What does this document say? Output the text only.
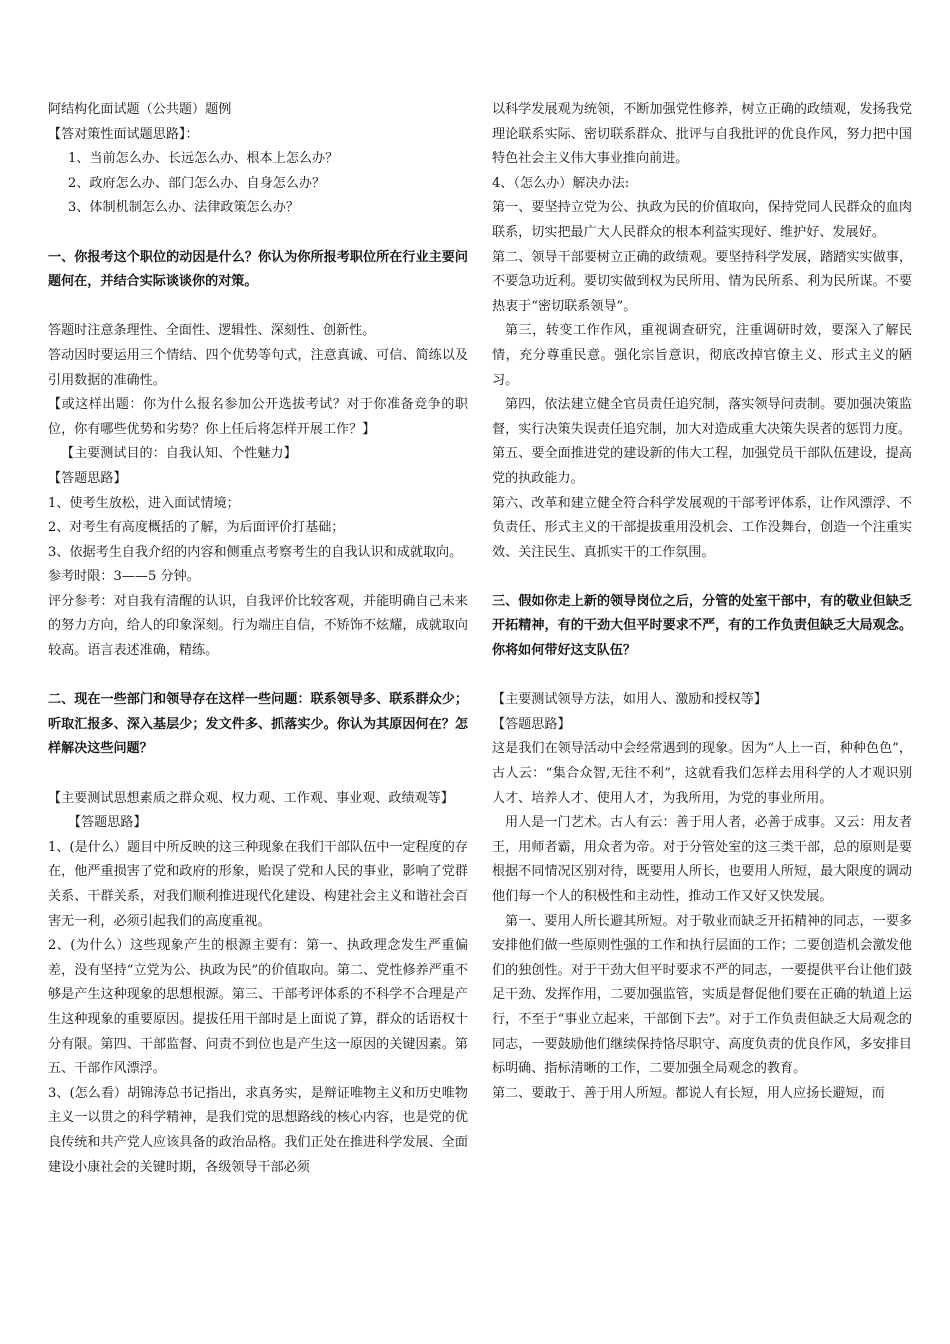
阿结构化面试题（公共题）题例

【答对策性面试题思路】：

1、当前怎么办、长远怎么办、根本上怎么办？

2、政府怎么办、部门怎么办、自身怎么办？

3、体制机制怎么办、法律政策怎么办？

一、你报考这个职位的动因是什么？你认为你所报考职位所在行业主要问题何在，并结合实际谈谈你的对策。

答题时注意条理性、全面性、逻辑性、深刻性、创新性。

答动因时要运用三个情结、四个优势等句式，注意真诚、可信、简练以及引用数据的准确性。

【或这样出题：你为什么报名参加公开选拔考试？对于你准备竞争的职位，你有哪些优势和劣势？你上任后将怎样开展工作？】

【主要测试目的：自我认知、个性魅力】

【答题思路】

1、使考生放松，进入面试情境；

2、对考生有高度概括的了解，为后面评价打基础；

3、依据考生自我介绍的内容和侧重点考察考生的自我认识和成就取向。

参考时限：3——5 分钟。

评分参考：对自我有清醒的认识，自我评价比较客观，并能明确自己未来的努力方向，给人的印象深刻。行为端庄自信，不矫饰不炫耀，成就取向较高。语言表述准确，精练。

二、现在一些部门和领导存在这样一些问题：联系领导多、联系群众少；听取汇报多、深入基层少；发文件多、抓落实少。你认为其原因何在？怎样解决这些问题？

【主要测试思想素质之群众观、权力观、工作观、事业观、政绩观等】

【答题思路】

1、(是什么）题目中所反映的这三种现象在我们干部队伍中一定程度的存在，他严重损害了党和政府的形象，贻误了党和人民的事业，影响了党群关系、干群关系，对我们顺利推进现代化建设、构建社会主义和谐社会百害无一利，必须引起我们的高度重视。

2、(为什么）这些现象产生的根源主要有：第一、执政理念发生严重偏差，没有坚持“立党为公、执政为民”的价值取向。第二、党性修养严重不够是产生这种现象的思想根源。第三、干部考评体系的不科学不合理是产生这种现象的重要原因。提拔任用干部时是上面说了算，群众的话语权十分有限。第四、干部监督、问责不到位也是产生这一原因的关键因素。第五、干部作风漂浮。

3、(怎么看）胡锦涛总书记指出，求真务实，是辩证唯物主义和历史唯物主义一以贯之的科学精神，是我们党的思想路线的核心内容，也是党的优良传统和共产党人应该具备的政治品格。我们正处在推进科学发展、全面建设小康社会的关键时期，各级领导干部必须

以科学发展观为统领，不断加强党性修养，树立正确的政绩观，发扬我党理论联系实际、密切联系群众、批评与自我批评的优良作风，努力把中国特色社会主义伟大事业推向前进。

4、（怎么办）解决办法:

第一、要坚持立党为公、执政为民的价值取向，保持党同人民群众的血肉联系，切实把最广大人民群众的根本利益实现好、维护好、发展好。

第二、领导干部要树立正确的政绩观。要坚持科学发展，踏踏实实做事，不要急功近利。要切实做到权为民所用、情为民所系、利为民所谋。不要热衷于“密切联系领导”。

第三，转变工作作风，重视调查研究，注重调研时效，要深入了解民情，充分尊重民意。强化宗旨意识，彻底改掉官僚主义、形式主义的陋习。

第四，依法建立健全官员责任追究制，落实领导问责制。要加强决策监督，实行决策失误责任追究制，加大对造成重大决策失误者的惩罚力度。

第五、要全面推进党的建设新的伟大工程，加强党员干部队伍建设，提高党的执政能力。

第六、改革和建立健全符合科学发展观的干部考评体系，让作风漂浮、不负责任、形式主义的干部提拔重用没机会、工作没舞台，创造一个注重实效、关注民生、真抓实干的工作氛围。

三、假如你走上新的领导岗位之后，分管的处室干部中，有的敬业但缺乏开拓精神，有的干劲大但平时要求不严，有的工作负责但缺乏大局观念。你将如何带好这支队伍？

【主要测试领导方法，如用人、激励和授权等】

【答题思路】

这是我们在领导活动中会经常遇到的现象。因为“人上一百，种种色色”，古人云：“集合众智,无往不利”，这就看我们怎样去用科学的人才观识别人才、培养人才、使用人才，为我所用，为党的事业所用。

用人是一门艺术。古人有云：善于用人者，必善于成事。又云：用友者王，用师者霸，用众者为帝。对于分管处室的这三类干部，总的原则是要根据不同情况区别对待，既要用人所长，也要用人所短，最大限度的调动他们每一个人的积极性和主动性，推动工作又好又快发展。

第一、要用人所长避其所短。对于敬业而缺乏开拓精神的同志，一要多安排他们做一些原则性强的工作和执行层面的工作；二要创造机会激发他们的独创性。对于干劲大但平时要求不严的同志，一要提供平台让他们鼓足干劲、发挥作用，二要加强监管，实质是督促他们要在正确的轨道上运行，不至于“事业立起来，干部倒下去”。对于工作负责但缺乏大局观念的同志，一要鼓励他们继续保持恪尽职守、高度负责的优良作风，多安排目标明确、指标清晰的工作，二要加强全局观念的教育。

第二、要敢于、善于用人所短。都说人有长短，用人应扬长避短，而
